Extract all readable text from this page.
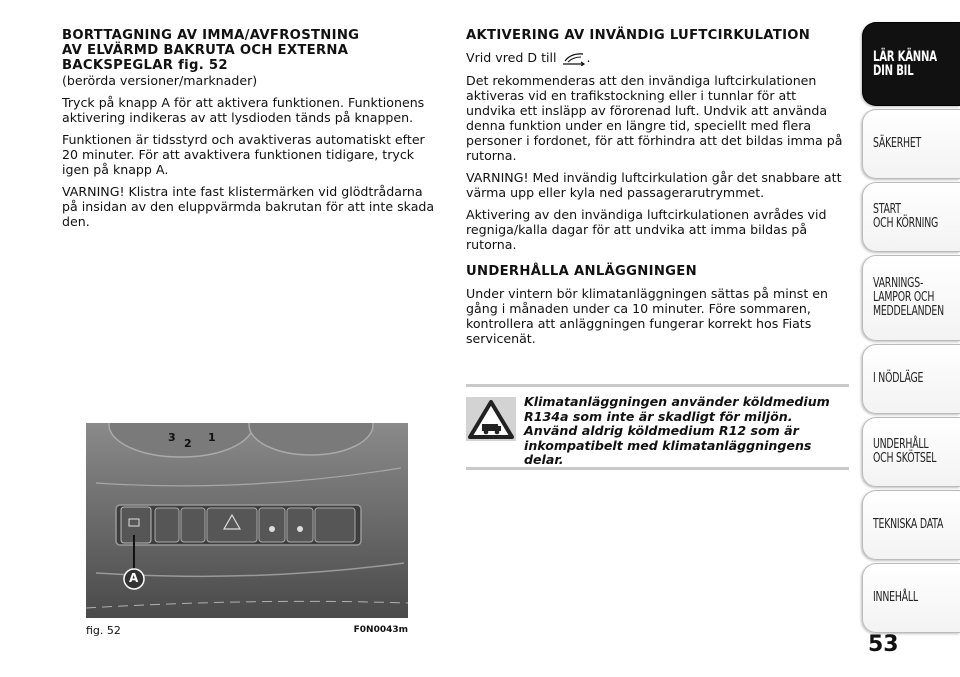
BORTTAGNING AV IMMA/AVFROSTNING
AV ELVÄRMD BAKRUTA OCH EXTERNA
BACKSPEGLAR fig. 52

(berörda versioner/marknader)

Tryck på knapp A för att aktivera funktionen. Funktionens aktivering indikeras av att lysdioden tänds på knappen.

Funktionen är tidsstyrd och avaktiveras automatiskt efter 20 minuter. För att avaktivera funktionen tidigare, tryck igen på knapp A.

VARNING! Klistra inte fast klistermärken vid glödtrådarna på insidan av den eluppvärmda bakrutan för att inte skada den.

AKTIVERING AV INVÄNDIG LUFTCIRKULATION

Vrid vred D till .

Det rekommenderas att den invändiga luftcirkulationen aktiveras vid en trafikstockning eller i tunnlar för att undvika ett insläpp av förorenad luft. Undvik att använda denna funktion under en längre tid, speciellt med flera personer i fordonet, för att förhindra att det bildas imma på rutorna.

VARNING! Med invändig luftcirkulation går det snabbare att värma upp eller kyla ned passagerarutrymmet.

Aktivering av den invändiga luftcirkulationen avrådes vid regniga/kalla dagar för att undvika att imma bildas på rutorna.

UNDERHÅLLA ANLÄGGNINGEN

Under vintern bör klimatanläggningen sättas på minst en gång i månaden under ca 10 minuter. Före sommaren, kontrollera att anläggningen fungerar korrekt hos Fiats servicenät.

Klimatanläggningen använder köldmedium R134a som inte är skadligt för miljön. Använd aldrig köldmedium R12 som är inkompatibelt med klimatanläggningens delar.
3 2 1
A
fig. 52	F0N0043m
LÄR KÄNNA
DIN BIL
SÄKERHET
START
OCH KÖRNING
VARNINGS-
LAMPOR OCH
MEDDELANDEN
I NÖDLÄGE
UNDERHÅLL
OCH SKÖTSEL
TEKNISKA DATA
INNEHÅLL
53
